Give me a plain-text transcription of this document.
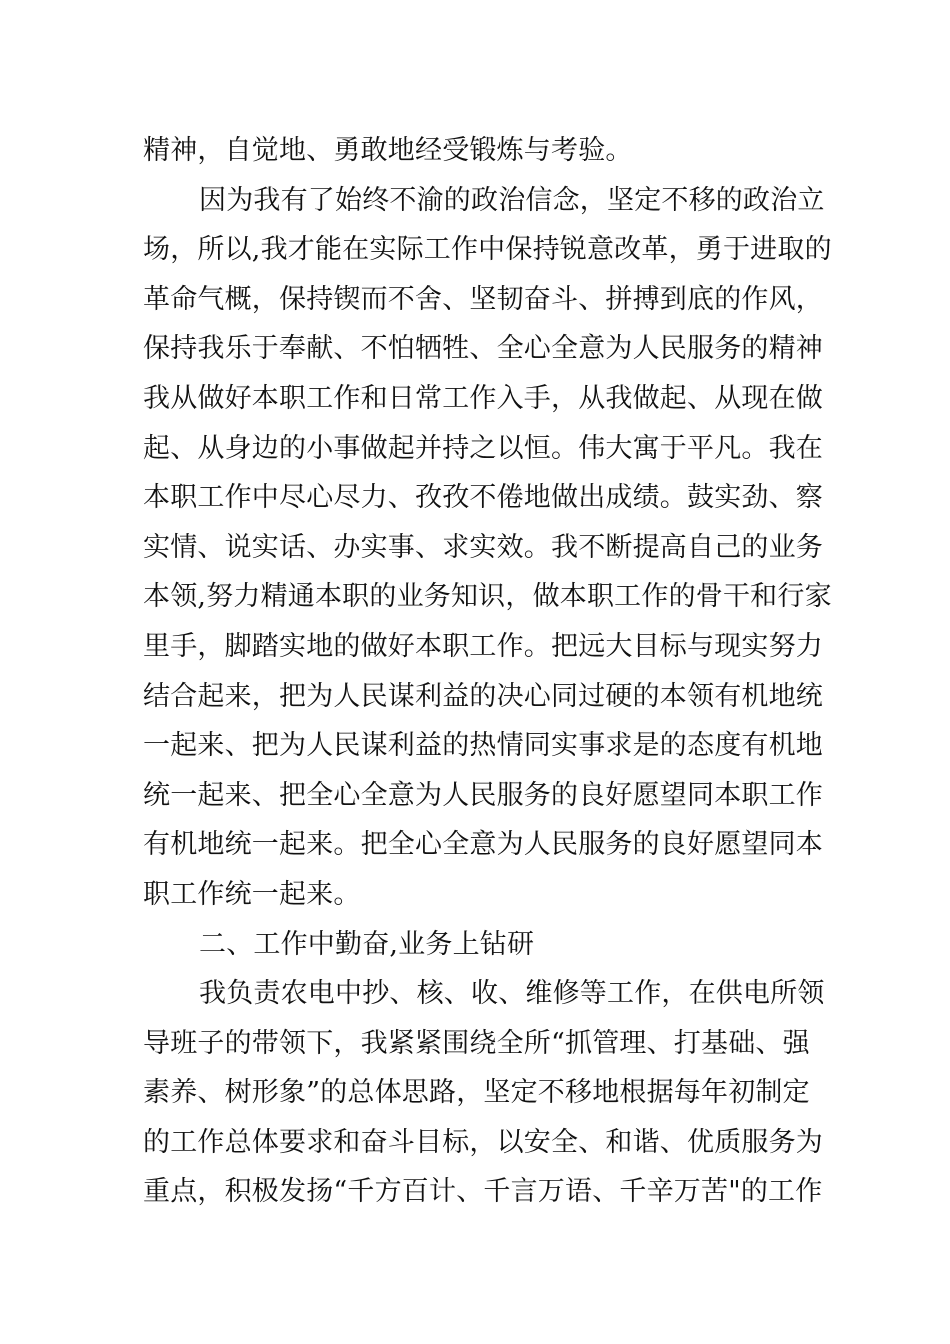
精神，自觉地、勇敢地经受锻炼与考验。
因为我有了始终不渝的政治信念，坚定不移的政治立
场，所以,我才能在实际工作中保持锐意改革，勇于进取的
革命气概，保持锲而不舍、坚韧奋斗、拼搏到底的作风，
保持我乐于奉献、不怕牺牲、全心全意为人民服务的精神
我从做好本职工作和日常工作入手，从我做起、从现在做
起、从身边的小事做起并持之以恒。伟大寓于平凡。我在
本职工作中尽心尽力、孜孜不倦地做出成绩。鼓实劲、察
实情、说实话、办实事、求实效。我不断提高自己的业务
本领,努力精通本职的业务知识，做本职工作的骨干和行家
里手，脚踏实地的做好本职工作。把远大目标与现实努力
结合起来，把为人民谋利益的决心同过硬的本领有机地统
一起来、把为人民谋利益的热情同实事求是的态度有机地
统一起来、把全心全意为人民服务的良好愿望同本职工作
有机地统一起来。把全心全意为人民服务的良好愿望同本
职工作统一起来。
二、工作中勤奋,业务上钻研
我负责农电中抄、核、收、维修等工作，在供电所领
导班子的带领下，我紧紧围绕全所“抓管理、打基础、强
素养、树形象”的总体思路，坚定不移地根据每年初制定
的工作总体要求和奋斗目标，以安全、和谐、优质服务为
重点，积极发扬“千方百计、千言万语、千辛万苦"的工作
